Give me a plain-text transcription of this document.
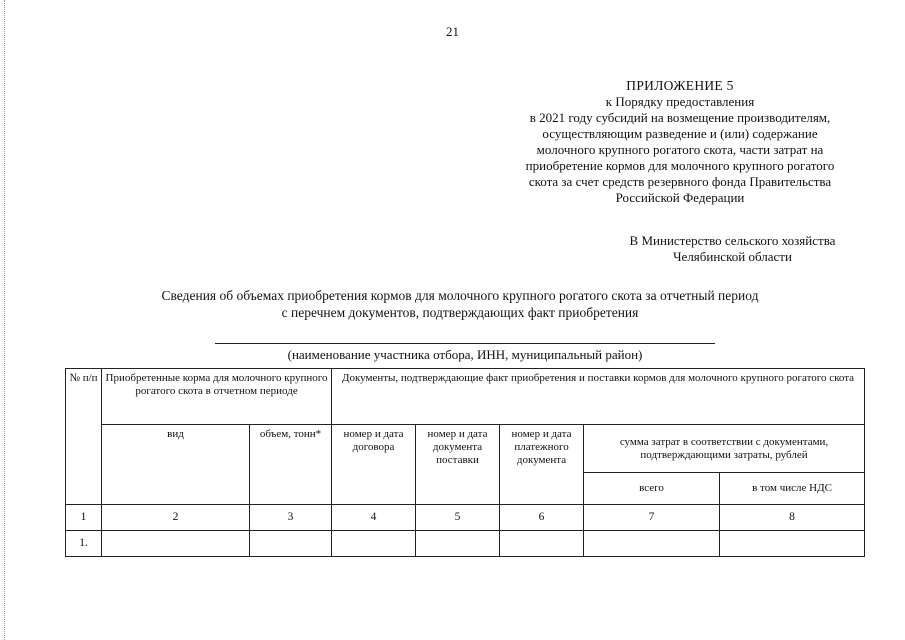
21
ПРИЛОЖЕНИЕ 5
к Порядку предоставления
в 2021 году субсидий на возмещение производителям,
осуществляющим разведение и (или) содержание
молочного крупного рогатого скота, части затрат на
приобретение кормов для молочного крупного рогатого
скота за счет средств резервного фонда Правительства
Российской Федерации
В Министерство сельского хозяйства
Челябинской области
Сведения об объемах приобретения кормов для молочного крупного рогатого скота за отчетный период
с перечнем документов, подтверждающих факт приобретения
(наименование участника отбора, ИНН, муниципальный район)
№ п/п	Приобретенные корма для молочного крупного рогатого скота в отчетном периоде		Документы, подтверждающие факт приобретения и поставки кормов для молочного крупного рогатого скота				
	вид	объем, тонн*	номер и дата договора	номер и дата документа поставки	номер и дата платежного документа	сумма затрат в соответствии с документами, подтверждающими затраты, рублей	
						всего	в том числе НДС
1	2	3	4	5	6	7	8
1.							
